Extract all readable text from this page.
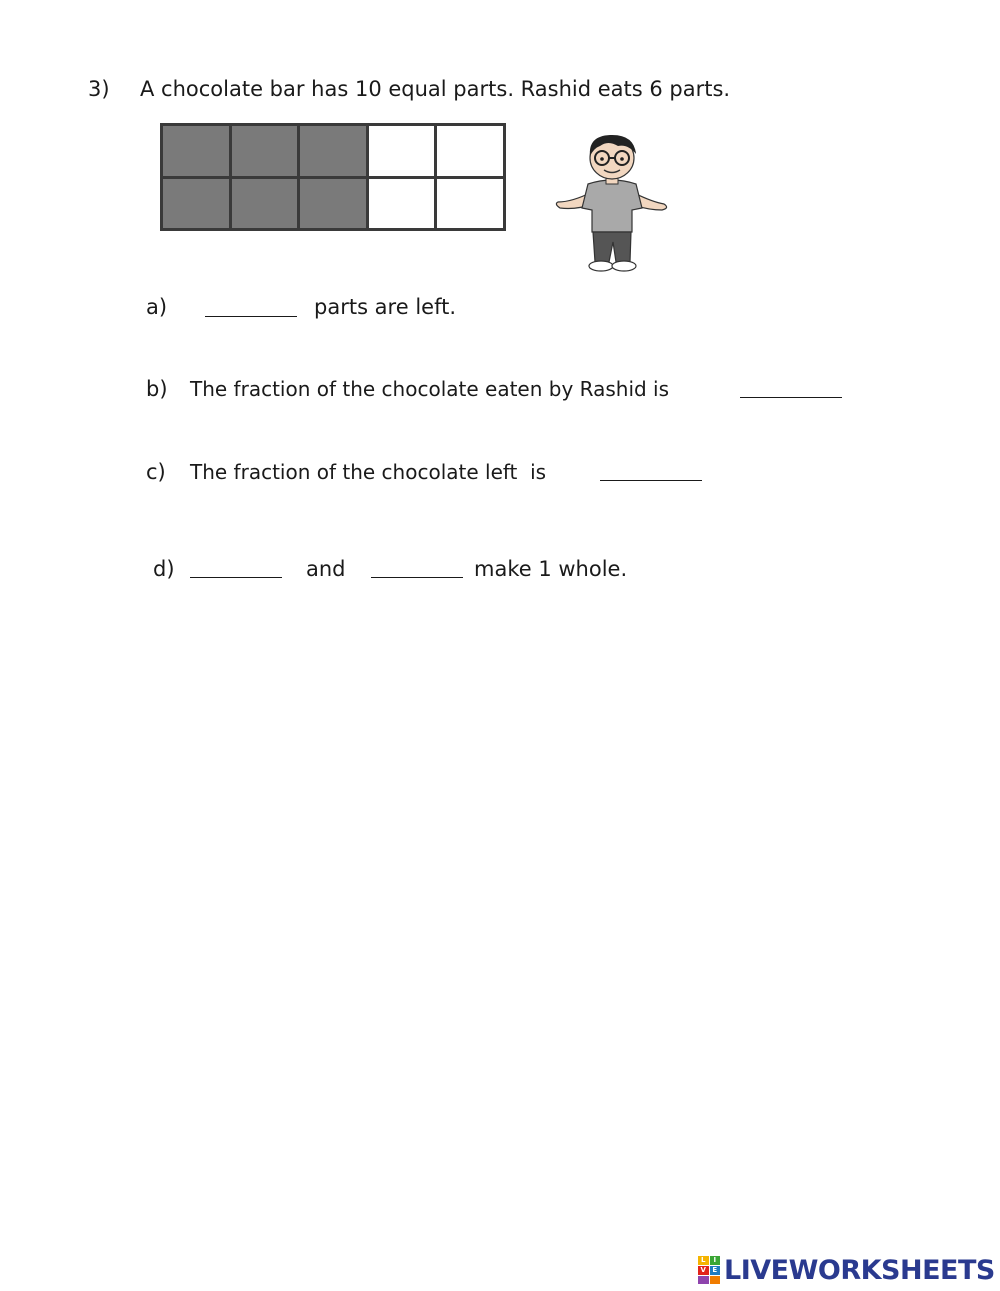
3) A chocolate bar has 10 equal parts. Rashid eats 6 parts.
a)	parts are left.
b) The fraction of the chocolate eaten by Rashid is
c) The fraction of the chocolate left  is
d)	and	make 1 whole.
L	I
V E LIVEWORKSHEETS
